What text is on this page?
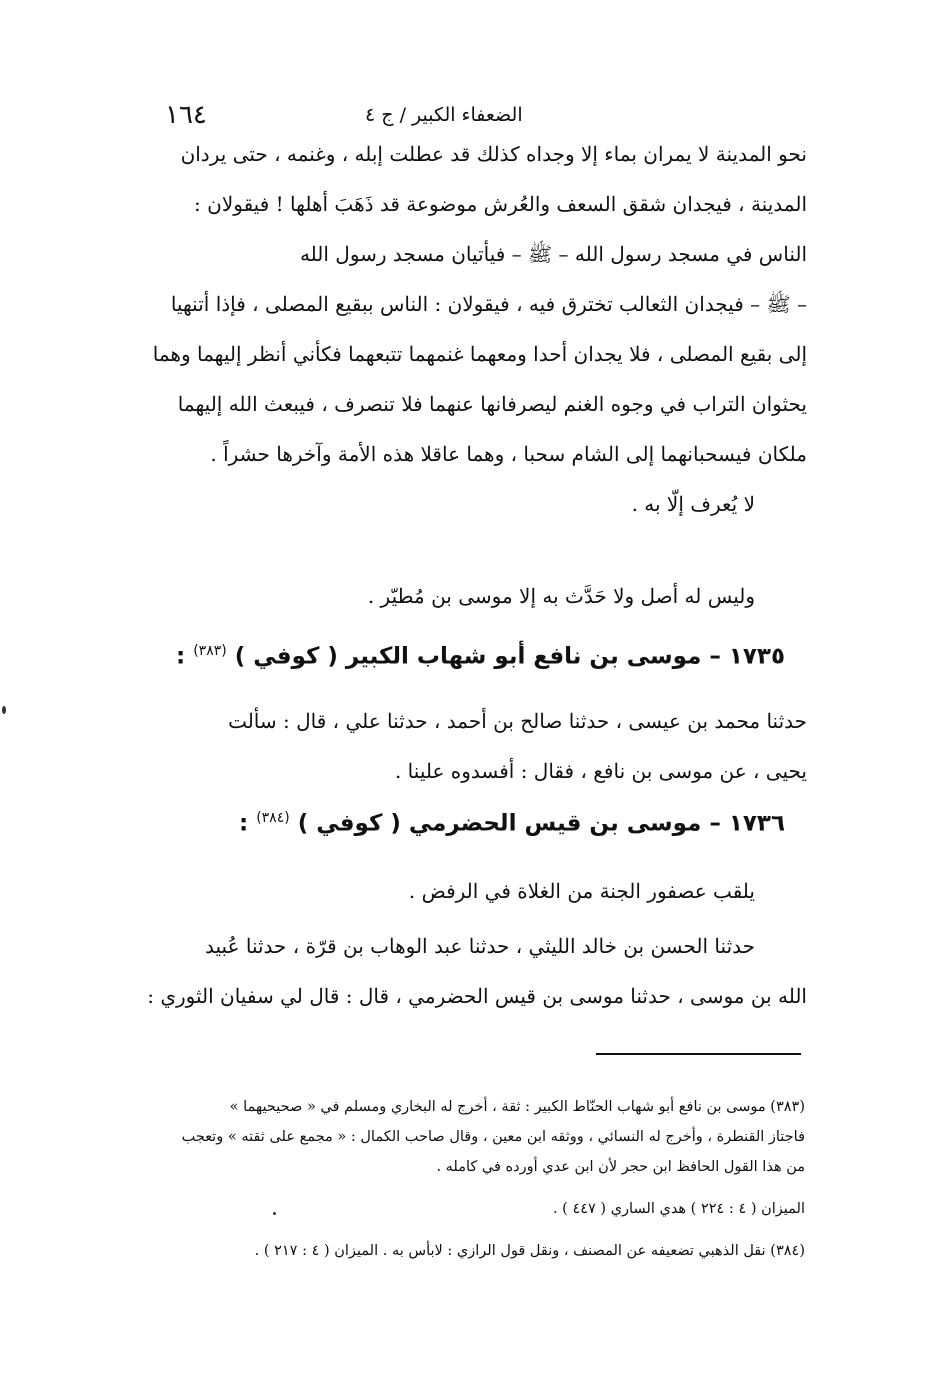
١٦٤	الضعفاء الكبير / ج ٤
نحو المدينة لا يمران بماء إلا وجداه كذلك قد عطلت إبله ، وغنمه ، حتى يردان
المدينة ، فيجدان شقق السعف والعُرش موضوعة قد ذَهَبَ أهلها ! فيقولان :
الناس في مسجد رسول الله – ﷺ – فيأتيان مسجد رسول الله
– ﷺ – فيجدان الثعالب تخترق فيه ، فيقولان : الناس ببقيع المصلى ، فإذا أتنهيا
إلى بقيع المصلى ، فلا يجدان أحدا ومعهما غنمهما تتبعهما فكأني أنظر إليهما وهما
يحثوان التراب في وجوه الغنم ليصرفانها عنهما فلا تنصرف ، فيبعث الله إليهما
ملكان فيسحبانهما إلى الشام سحبا ، وهما عاقلا هذه الأمة وآخرها حشراً .
لا يُعرف إلّا به .
وليس له أصل ولا حَدَّث به إلا موسى بن مُطيّر .
١٧٣٥ – موسى بن نافع أبو شهاب الكبير ( كوفي ) $^{(٣٨٣)}$ :
حدثنا محمد بن عيسى ، حدثنا صالح بن أحمد ، حدثنا علي ، قال : سألت
يحيى ، عن موسى بن نافع ، فقال : أفسدوه علينا .
١٧٣٦ – موسى بن قيس الحضرمي ( كوفي ) $^{(٣٨٤)}$ :
يلقب عصفور الجنة من الغلاة في الرفض .
حدثنا الحسن بن خالد الليثي ، حدثنا عبد الوهاب بن قرّة ، حدثنا عُبيد
الله بن موسى ، حدثنا موسى بن قيس الحضرمي ، قال : قال لي سفيان الثوري :
(٣٨٣) موسى بن نافع أبو شهاب الحنّاط الكبير : ثقة ، أخرج له البخاري ومسلم في « صحيحيهما »
فاجتاز القنطرة ، وأخرج له النسائي ، ووثقه ابن معين ، وقال صاحب الكمال : « مجمع على ثقته » وتعجب
من هذا القول الحافظ ابن حجر لأن ابن عدي أورده في كامله .
الميزان ( ٤ : ٢٢٤ ) هدي الساري ( ٤٤٧ ) .
(٣٨٤) نقل الذهبي تضعيفه عن المصنف ، ونقل قول الرازي : لابأس به . الميزان ( ٤ : ٢١٧ ) .
